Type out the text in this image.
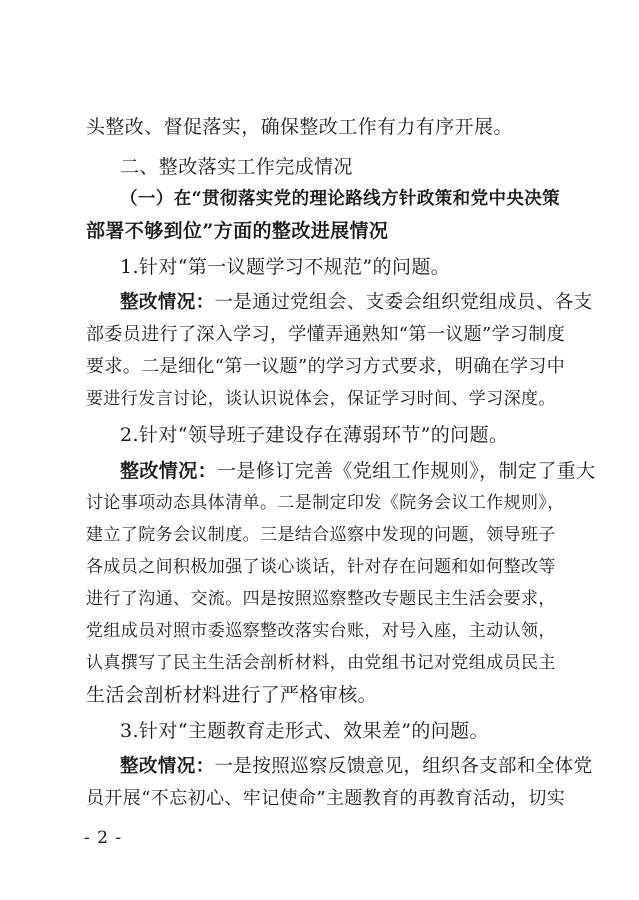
头整改、督促落实，确保整改工作有力有序开展。
二、整改落实工作完成情况
（一）在“贯彻落实党的理论路线方针政策和党中央决策
部署不够到位”方面的整改进展情况
1.针对“第一议题学习不规范”的问题。
整改情况：一是通过党组会、支委会组织党组成员、各支
部委员进行了深入学习，学懂弄通熟知“第一议题”学习制度
要求。二是细化“第一议题”的学习方式要求，明确在学习中
要进行发言讨论，谈认识说体会，保证学习时间、学习深度。
2.针对“领导班子建设存在薄弱环节”的问题。
整改情况：一是修订完善《党组工作规则》，制定了重大
讨论事项动态具体清单。二是制定印发《院务会议工作规则》，
建立了院务会议制度。三是结合巡察中发现的问题，领导班子
各成员之间积极加强了谈心谈话，针对存在问题和如何整改等
进行了沟通、交流。四是按照巡察整改专题民主生活会要求，
党组成员对照市委巡察整改落实台账，对号入座，主动认领，
认真撰写了民主生活会剖析材料，由党组书记对党组成员民主
生活会剖析材料进行了严格审核。
3.针对“主题教育走形式、效果差”的问题。
整改情况：一是按照巡察反馈意见，组织各支部和全体党
员开展“不忘初心、牢记使命”主题教育的再教育活动，切实
- 2 -
